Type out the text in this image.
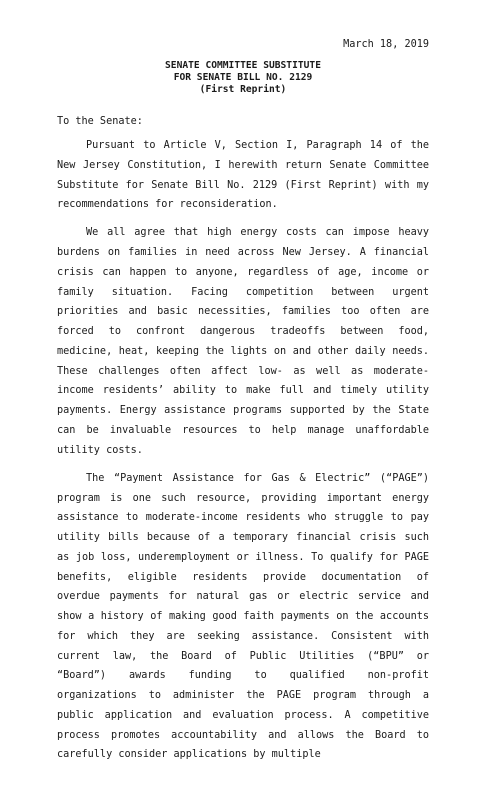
March 18, 2019
SENATE COMMITTEE SUBSTITUTE
FOR SENATE BILL NO. 2129
(First Reprint)
To the Senate:

Pursuant to Article V, Section I, Paragraph 14 of the New Jersey Constitution, I herewith return Senate Committee Substitute for Senate Bill No. 2129 (First Reprint) with my recommendations for reconsideration.

We all agree that high energy costs can impose heavy burdens on families in need across New Jersey. A financial crisis can happen to anyone, regardless of age, income or family situation. Facing competition between urgent priorities and basic necessities, families too often are forced to confront dangerous tradeoffs between food, medicine, heat, keeping the lights on and other daily needs. These challenges often affect low- as well as moderate-income residents’ ability to make full and timely utility payments. Energy assistance programs supported by the State can be invaluable resources to help manage unaffordable utility costs.

The “Payment Assistance for Gas & Electric” (“PAGE”) program is one such resource, providing important energy assistance to moderate-income residents who struggle to pay utility bills because of a temporary financial crisis such as job loss, underemployment or illness. To qualify for PAGE benefits, eligible residents provide documentation of overdue payments for natural gas or electric service and show a history of making good faith payments on the accounts for which they are seeking assistance. Consistent with current law, the Board of Public Utilities (“BPU” or “Board”) awards funding to qualified non-profit organizations to administer the PAGE program through a public application and evaluation process. A competitive process promotes accountability and allows the Board to carefully consider applications by multiple
